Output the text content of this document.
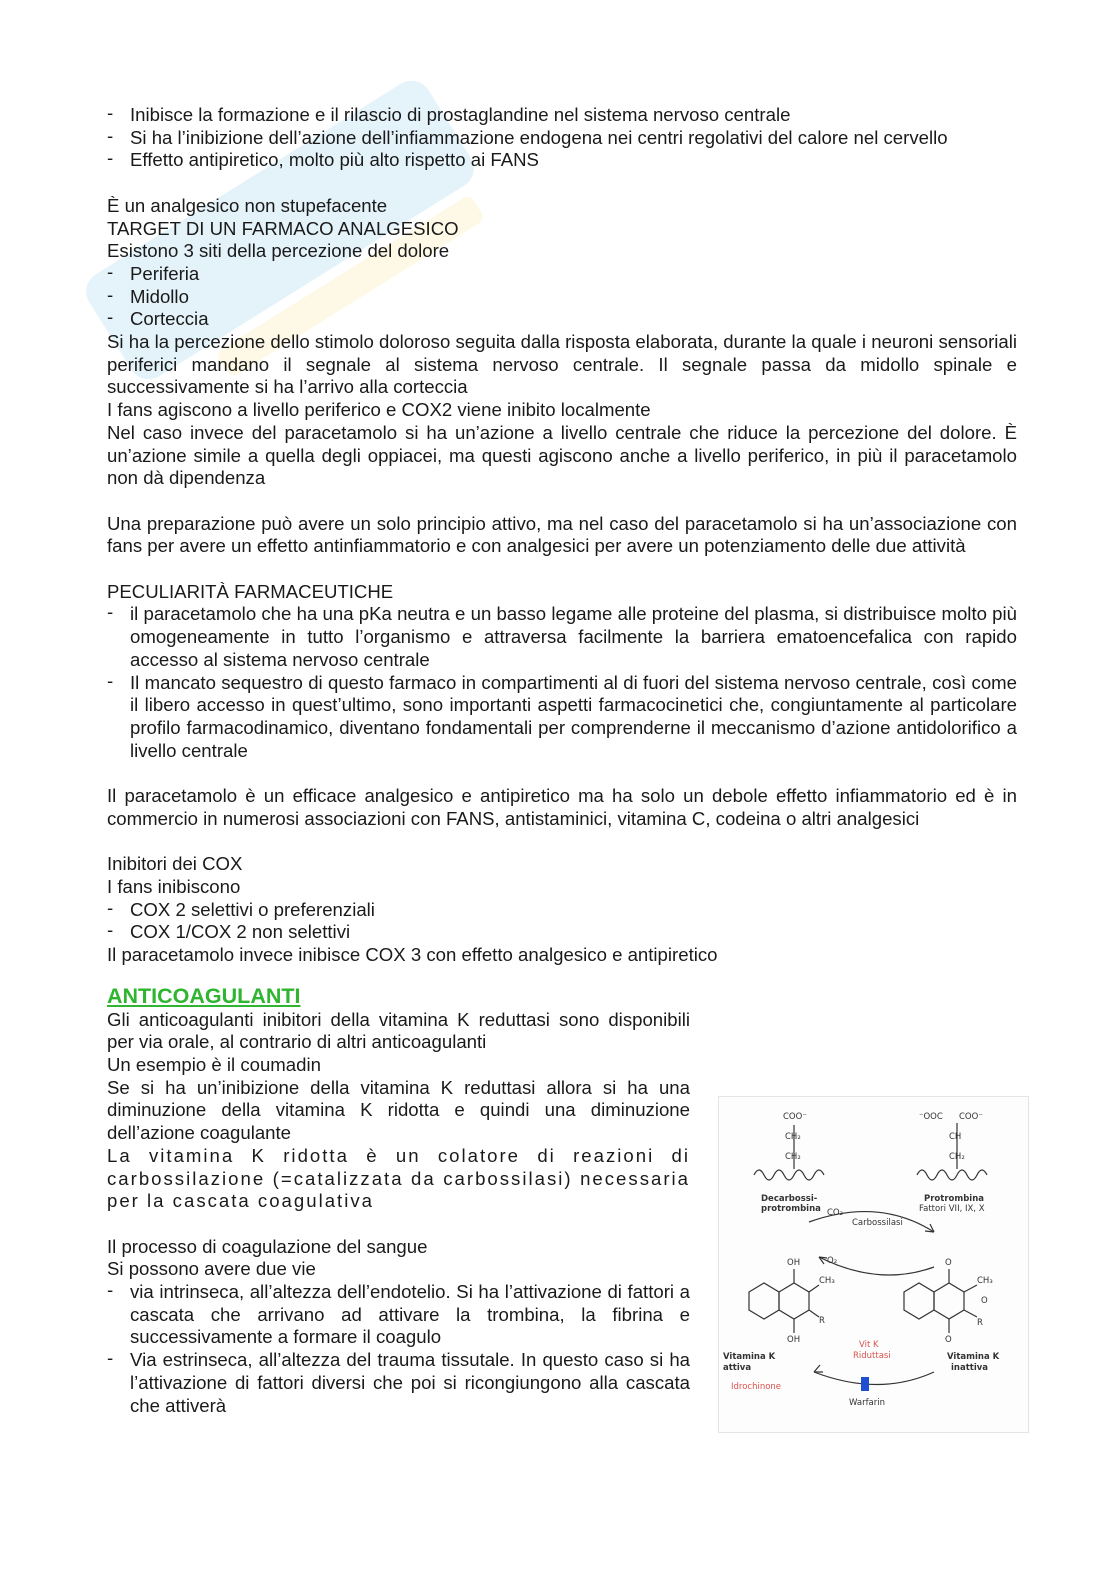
- Inibisce la formazione e il rilascio di prostaglandine nel sistema nervoso centrale
- Si ha l’inibizione dell’azione dell’infiammazione endogena nei centri regolativi del calore nel cervello
- Effetto antipiretico, molto più alto rispetto ai FANS

È un analgesico non stupefacente

TARGET DI UN FARMACO ANALGESICO

Esistono 3 siti della percezione del dolore

- Periferia
- Midollo
- Corteccia

Si ha la percezione dello stimolo doloroso seguita dalla risposta elaborata, durante la quale i neuroni sensoriali periferici mandano il segnale al sistema nervoso centrale. Il segnale passa da midollo spinale e successivamente si ha l’arrivo alla corteccia

I fans agiscono a livello periferico e COX2 viene inibito localmente

Nel caso invece del paracetamolo si ha un’azione a livello centrale che riduce la percezione del dolore. È un’azione simile a quella degli oppiacei, ma questi agiscono anche a livello periferico, in più il paracetamolo non dà dipendenza

Una preparazione può avere un solo principio attivo, ma nel caso del paracetamolo si ha un’associazione con fans per avere un effetto antinfiammatorio e con analgesici per avere un potenziamento delle due attività

PECULIARITÀ FARMACEUTICHE

- il paracetamolo che ha una pKa neutra e un basso legame alle proteine del plasma, si distribuisce molto più omogeneamente in tutto l’organismo e attraversa facilmente la barriera ematoencefalica con rapido accesso al sistema nervoso centrale
- Il mancato sequestro di questo farmaco in compartimenti al di fuori del sistema nervoso centrale, così come il libero accesso in quest’ultimo, sono importanti aspetti farmacocinetici che, congiuntamente al particolare profilo farmacodinamico, diventano fondamentali per comprenderne il meccanismo d’azione antidolorifico a livello centrale

Il paracetamolo è un efficace analgesico e antipiretico ma ha solo un debole effetto infiammatorio ed è in commercio in numerosi associazioni con FANS, antistaminici, vitamina C, codeina o altri analgesici

Inibitori dei COX

I fans inibiscono

- COX 2 selettivi o preferenziali
- COX 1/COX 2 non selettivi

Il paracetamolo invece inibisce COX 3 con effetto analgesico e antipiretico

ANTICOAGULANTI

Gli anticoagulanti inibitori della vitamina K reduttasi sono disponibili per via orale, al contrario di altri anticoagulanti

Un esempio è il coumadin

Se si ha un’inibizione della vitamina K reduttasi allora si ha una diminuzione della vitamina K ridotta e quindi una diminuzione dell’azione coagulante

La vitamina K ridotta è un colatore di reazioni di carbossilazione (=catalizzata da carbossilasi) necessaria per la cascata coagulativa

Il processo di coagulazione del sangue

Si possono avere due vie

- via intrinseca, all’altezza dell’endotelio. Si ha l’attivazione di fattori a cascata che arrivano ad attivare la trombina, la fibrina e successivamente a formare il coagulo
- Via estrinseca, all’altezza del trauma tissutale. In questo caso si ha l’attivazione di fattori diversi che poi si ricongiungono alla cascata che attiverà
COO⁻
CH₂
CH₂
⁻OOC COO⁻
CH
CH₂
Decarbossi-
protrombina
Protrombina
Fattori VII, IX, X
CO₂
Carbossilasi
O₂
OH
CH₃
R
OH
O
CH₃
O
R
O
Vitamina K
attiva
Idrochinone
Vit K
Riduttasi
Warfarin
Vitamina K
inattiva
